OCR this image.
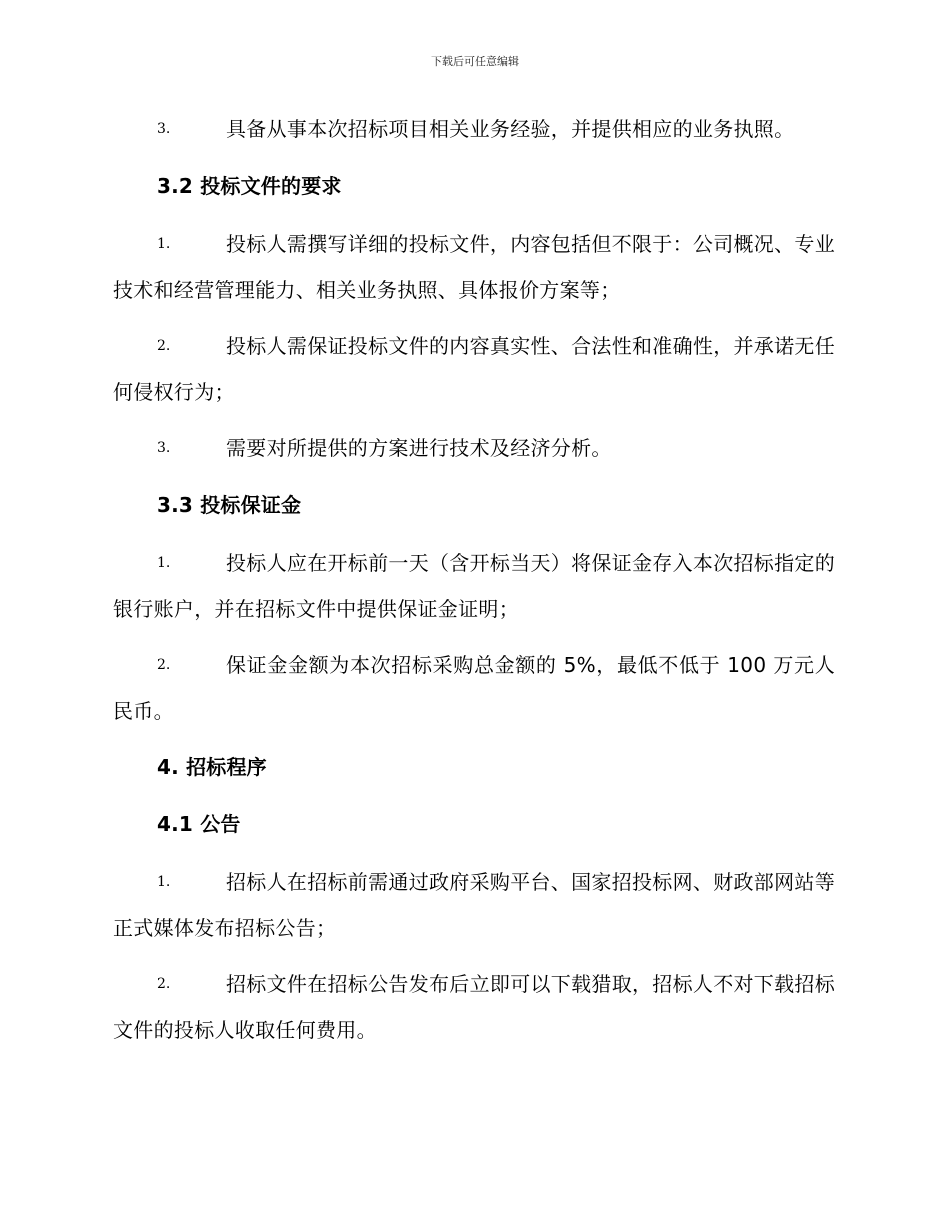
下载后可任意编辑
3.	具备从事本次招标项目相关业务经验，并提供相应的业务执照。
3.2 投标文件的要求
1.	投标人需撰写详细的投标文件，内容包括但不限于：公司概况、专业技术和经营管理能力、相关业务执照、具体报价方案等；
2.	投标人需保证投标文件的内容真实性、合法性和准确性，并承诺无任何侵权行为；
3.	需要对所提供的方案进行技术及经济分析。
3.3 投标保证金
1.	投标人应在开标前一天（含开标当天）将保证金存入本次招标指定的银行账户，并在招标文件中提供保证金证明；
2.	保证金金额为本次招标采购总金额的 5%，最低不低于 100 万元人民币。
4. 招标程序
4.1 公告
1.	招标人在招标前需通过政府采购平台、国家招投标网、财政部网站等正式媒体发布招标公告；
2.	招标文件在招标公告发布后立即可以下载猎取，招标人不对下载招标文件的投标人收取任何费用。
